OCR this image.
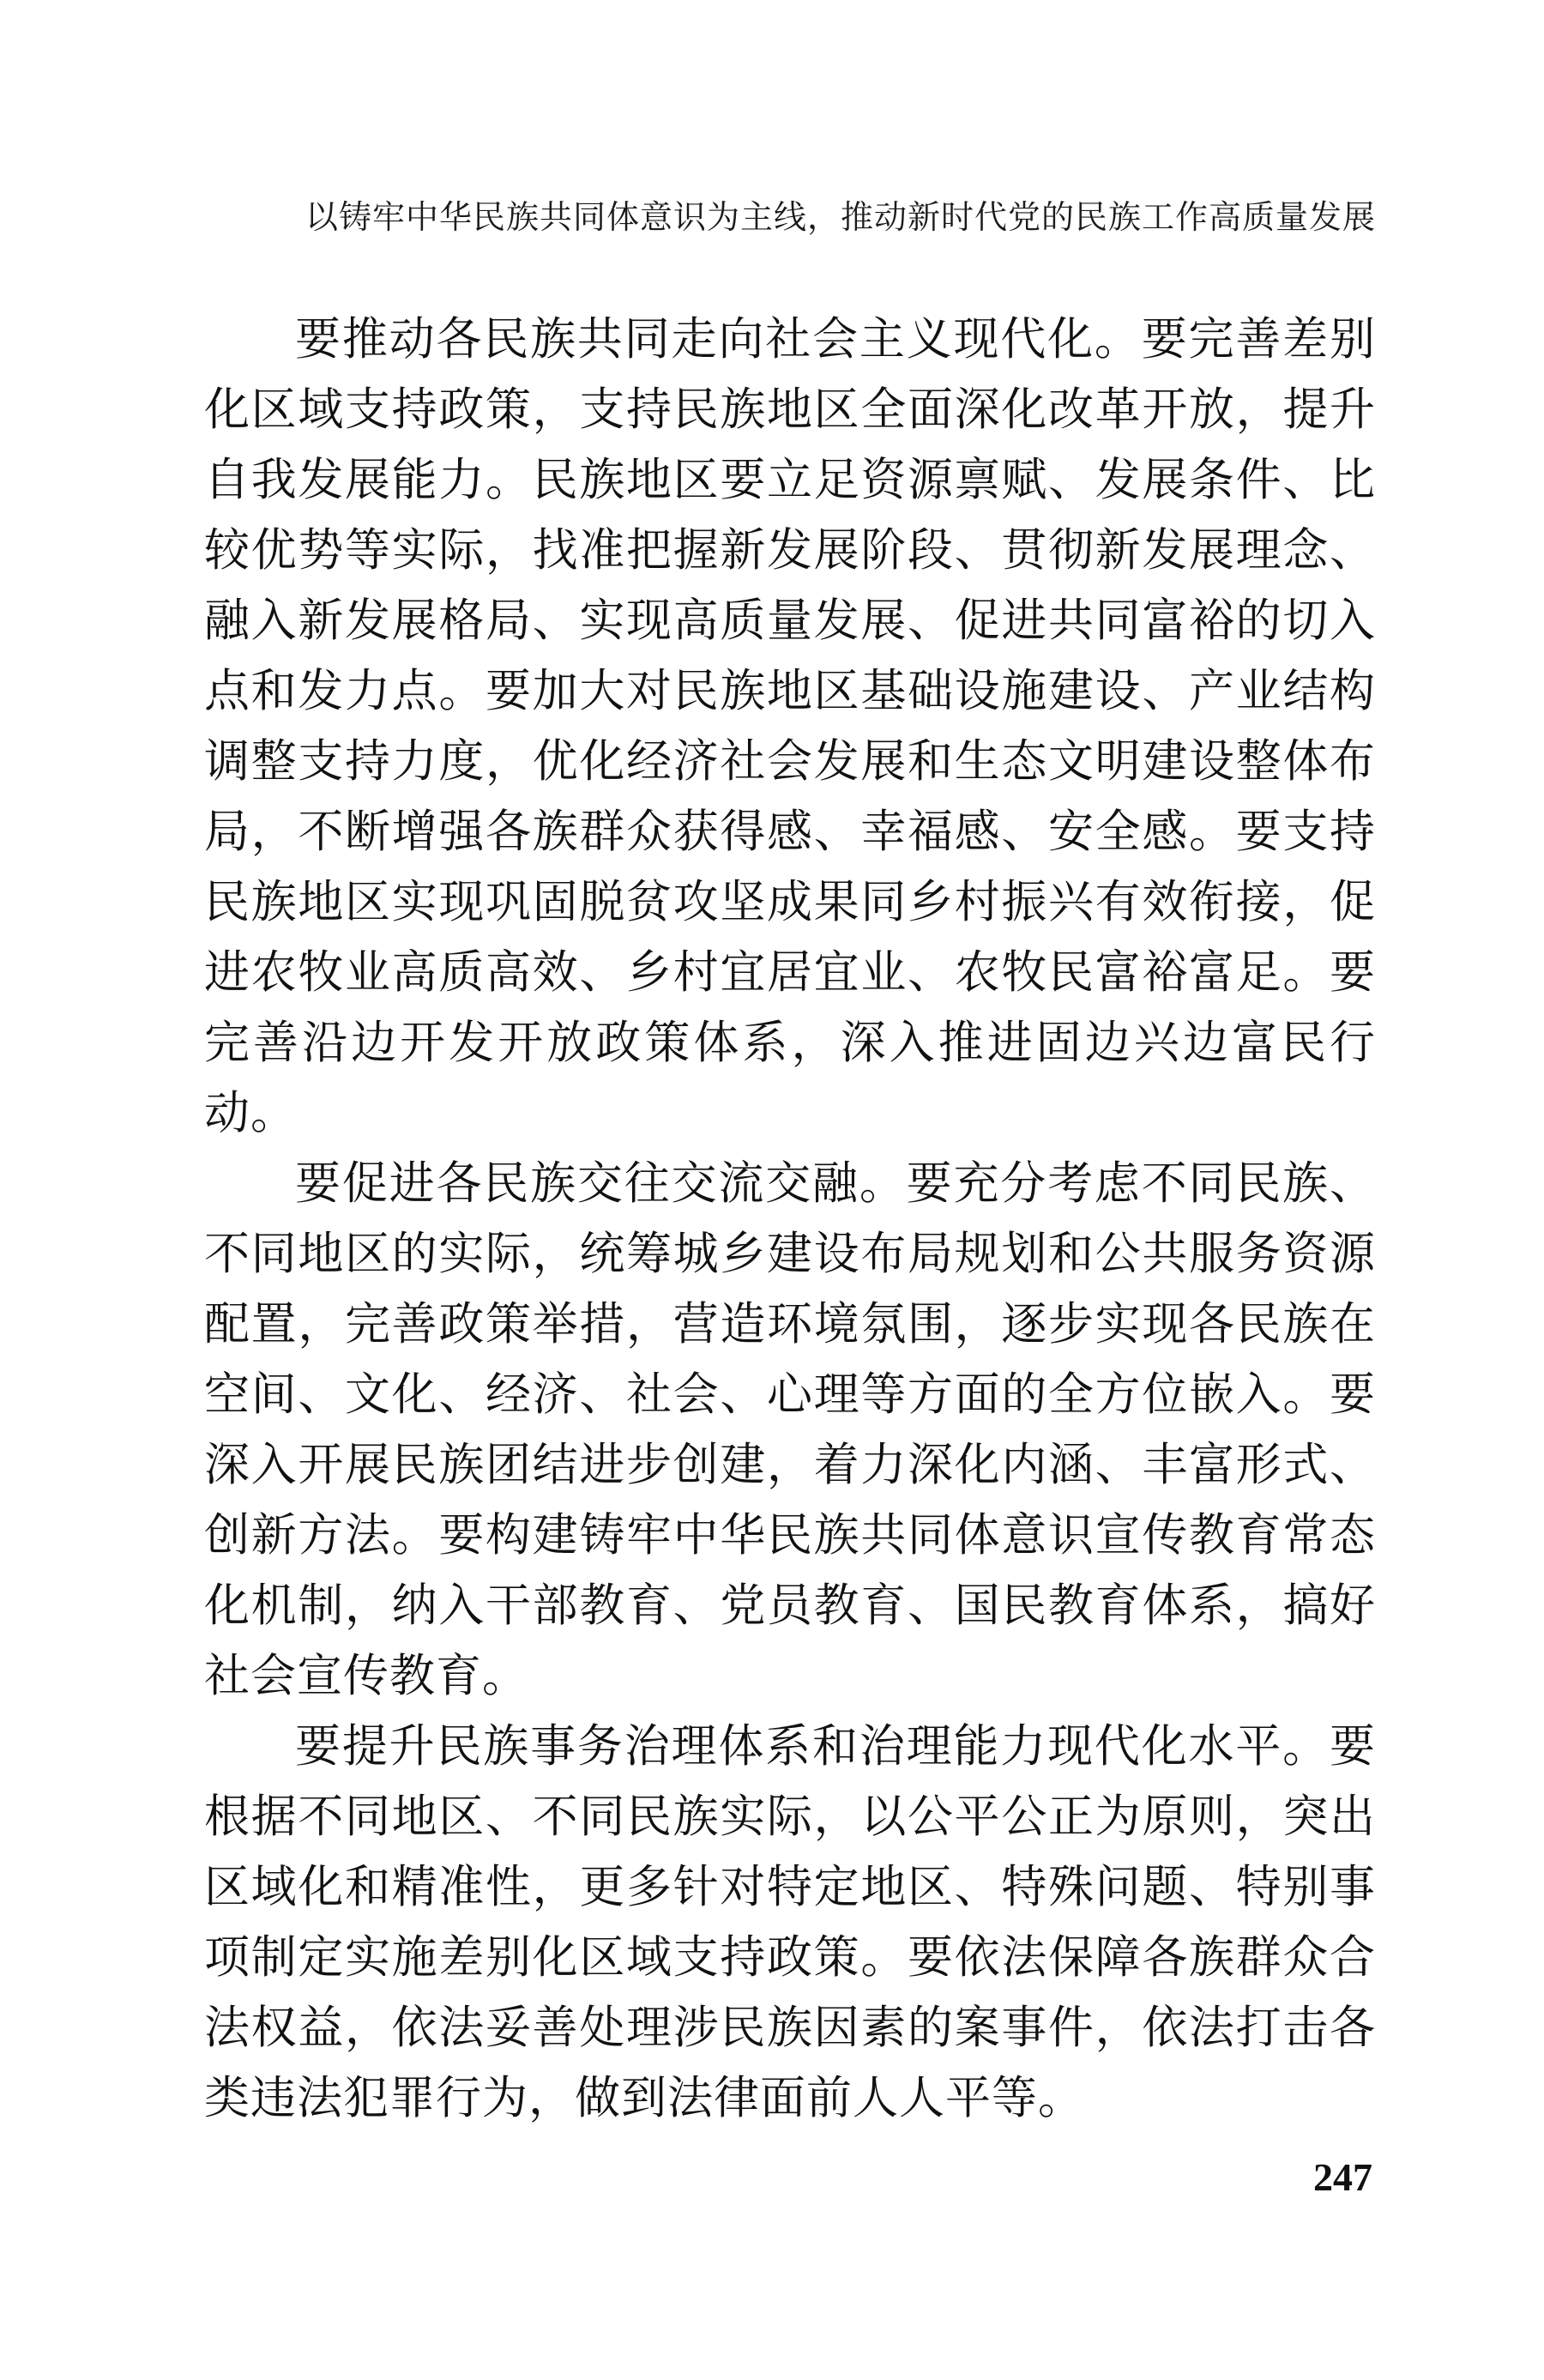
以铸牢中华民族共同体意识为主线，推动新时代党的民族工作高质量发展

要推动各民族共同走向社会主义现代化。要完善差别化区域支持政策，支持民族地区全面深化改革开放，提升自我发展能力。民族地区要立足资源禀赋、发展条件、比较优势等实际，找准把握新发展阶段、贯彻新发展理念、融入新发展格局、实现高质量发展、促进共同富裕的切入点和发力点。要加大对民族地区基础设施建设、产业结构调整支持力度，优化经济社会发展和生态文明建设整体布局，不断增强各族群众获得感、幸福感、安全感。要支持民族地区实现巩固脱贫攻坚成果同乡村振兴有效衔接，促进农牧业高质高效、乡村宜居宜业、农牧民富裕富足。要完善沿边开发开放政策体系，深入推进固边兴边富民行动。

要促进各民族交往交流交融。要充分考虑不同民族、不同地区的实际，统筹城乡建设布局规划和公共服务资源配置，完善政策举措，营造环境氛围，逐步实现各民族在空间、文化、经济、社会、心理等方面的全方位嵌入。要深入开展民族团结进步创建，着力深化内涵、丰富形式、创新方法。要构建铸牢中华民族共同体意识宣传教育常态化机制，纳入干部教育、党员教育、国民教育体系，搞好社会宣传教育。

要提升民族事务治理体系和治理能力现代化水平。要根据不同地区、不同民族实际，以公平公正为原则，突出区域化和精准性，更多针对特定地区、特殊问题、特别事项制定实施差别化区域支持政策。要依法保障各族群众合法权益，依法妥善处理涉民族因素的案事件，依法打击各类违法犯罪行为，做到法律面前人人平等。

247
